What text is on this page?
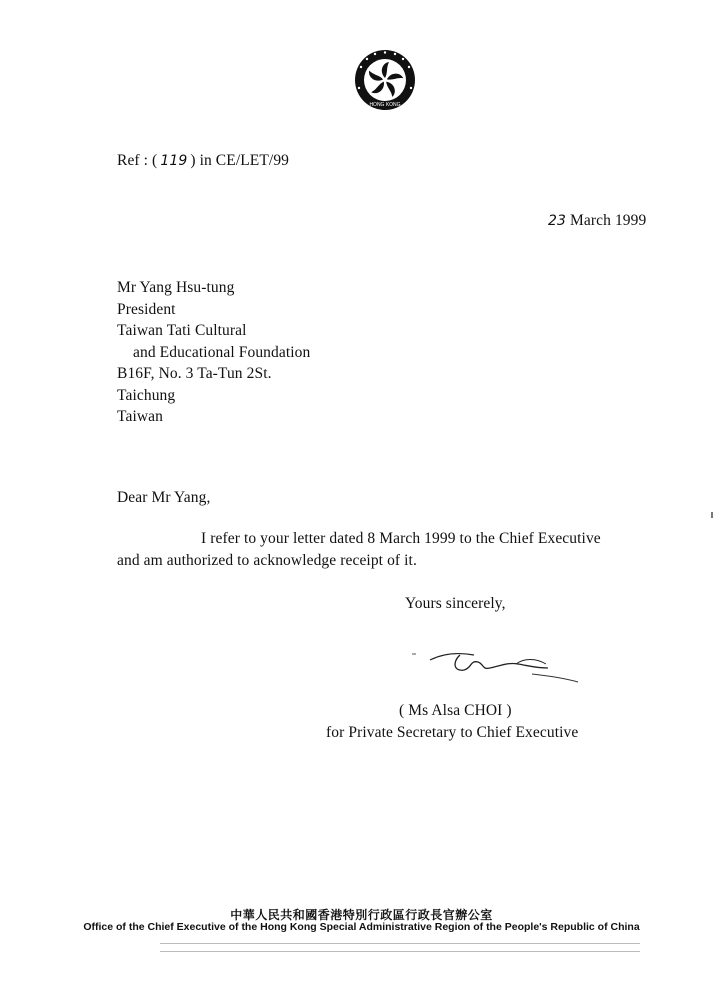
HONG KONG
Ref : ( 119 ) in CE/LET/99
23 March 1999
Mr Yang Hsu-tung
President
Taiwan Tati Cultural
and Educational Foundation
B16F, No. 3 Ta-Tun 2St.
Taichung
Taiwan
Dear Mr Yang,
I refer to your letter dated 8 March 1999 to the Chief Executive
and am authorized to acknowledge receipt of it.
Yours sincerely,
( Ms Alsa CHOI )
for Private Secretary to Chief Executive
中華人民共和國香港特別行政區行政長官辦公室
Office of the Chief Executive of the Hong Kong Special Administrative Region of the People's Republic of China
